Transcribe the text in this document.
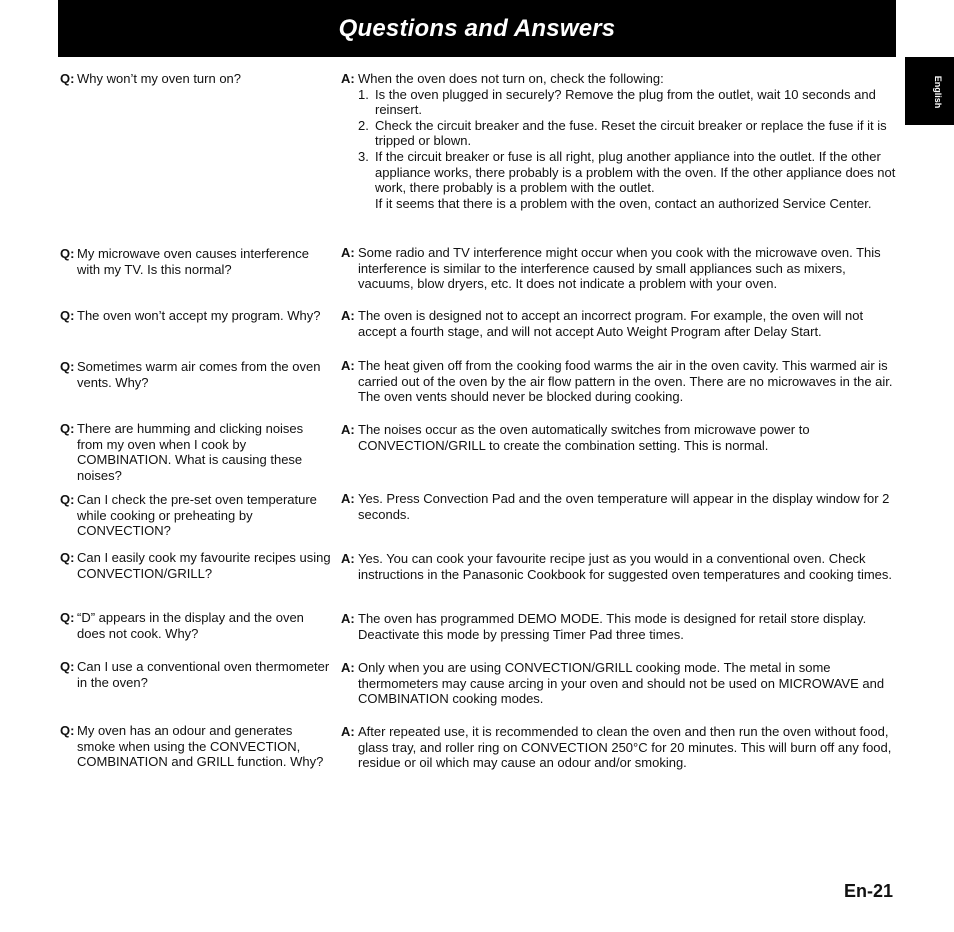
Questions and Answers
English
Q: Why won’t my oven turn on?	A: When the oven does not turn on, check the following:
1. Is the oven plugged in securely? Remove the plug from the outlet, wait 10 seconds and reinsert.
2. Check the circuit breaker and the fuse. Reset the circuit breaker or replace the fuse if it is tripped or blown.
3. If the circuit breaker or fuse is all right, plug another appliance into the outlet. If the other appliance works, there probably is a problem with the oven. If the other appliance does not work, there probably is a problem with the outlet.
If it seems that there is a problem with the oven, contact an authorized Service Center.
Q: My microwave oven causes interference with my TV. Is this normal?
A: Some radio and TV interference might occur when you cook with the microwave oven. This interference is similar to the interference caused by small appliances such as mixers, vacuums, blow dryers, etc. It does not indicate a problem with your oven.
Q: The oven won’t accept my program. Why?	A: The oven is designed not to accept an incorrect program. For example, the oven will not accept a fourth stage, and will not accept Auto Weight Program after Delay Start.
Q: Sometimes warm air comes from the oven vents. Why?
A: The heat given off from the cooking food warms the air in the oven cavity. This warmed air is carried out of the oven by the air flow pattern in the oven. There are no microwaves in the air. The oven vents should never be blocked during cooking.
Q: There are humming and clicking noises from my oven when I cook by COMBINATION. What is causing these noises?
A: The noises occur as the oven automatically switches from microwave power to CONVECTION/GRILL to create the combination setting. This is normal.
Q: Can I check the pre-set oven temperature while cooking or preheating by CONVECTION?
A: Yes. Press Convection Pad and the oven temperature will appear in the display window for 2 seconds.
Q: Can I easily cook my favourite recipes using CONVECTION/GRILL?
A: Yes. You can cook your favourite recipe just as you would in a conventional oven. Check instructions in the Panasonic Cookbook for suggested oven temperatures and cooking times.
Q: “D” appears in the display and the oven does not cook. Why?
A: The oven has programmed DEMO MODE. This mode is designed for retail store display. Deactivate this mode by pressing Timer Pad three times.
Q: Can I use a conventional oven thermometer in the oven?
A: Only when you are using CONVECTION/GRILL cooking mode. The metal in some thermometers may cause arcing in your oven and should not be used on MICROWAVE and COMBINATION cooking modes.
Q: My oven has an odour and generates smoke when using the CONVECTION, COMBINATION and GRILL function. Why?
A: After repeated use, it is recommended to clean the oven and then run the oven without food, glass tray, and roller ring on CONVECTION 250°C for 20 minutes. This will burn off any food, residue or oil which may cause an odour and/or smoking.
En-21
